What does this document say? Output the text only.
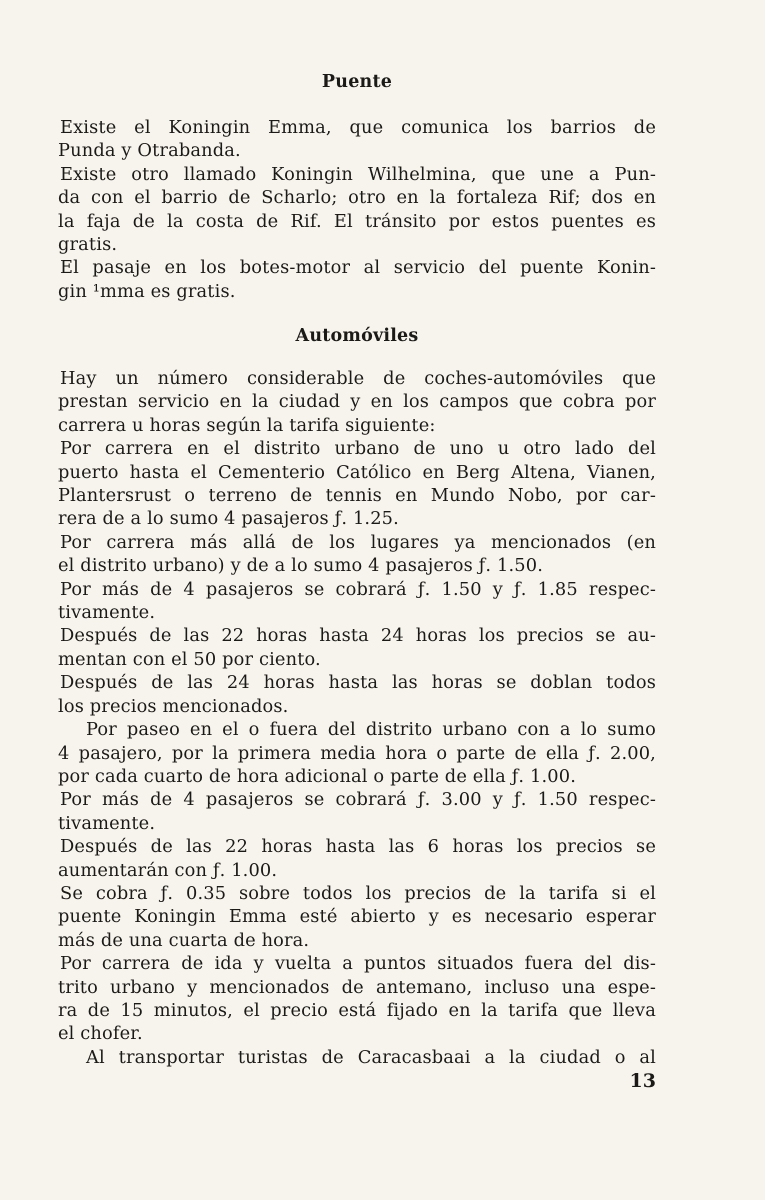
Puente
Existe el Koningin Emma, que comunica los barrios de
Punda y Otrabanda.
Existe otro llamado Koningin Wilhelmina, que une a Pun-
da con el barrio de Scharlo; otro en la fortaleza Rif; dos en
la faja de la costa de Rif. El tránsito por estos puentes es
gratis.
El pasaje en los botes-motor al servicio del puente Konin-
gin ¹mma es gratis.
Automóviles
Hay un número considerable de coches-automóviles que
prestan servicio en la ciudad y en los campos que cobra por
carrera u horas según la tarifa siguiente:
Por carrera en el distrito urbano de uno u otro lado del
puerto hasta el Cementerio Católico en Berg Altena, Vianen,
Plantersrust o terreno de tennis en Mundo Nobo, por car-
rera de a lo sumo 4 pasajeros ƒ. 1.25.
Por carrera más allá de los lugares ya mencionados (en
el distrito urbano) y de a lo sumo 4 pasajeros ƒ. 1.50.
Por más de 4 pasajeros se cobrará ƒ. 1.50 y ƒ. 1.85 respec-
tivamente.
Después de las 22 horas hasta 24 horas los precios se au-
mentan con el 50 por ciento.
Después de las 24 horas hasta las horas se doblan todos
los precios mencionados.
Por paseo en el o fuera del distrito urbano con a lo sumo
4 pasajero, por la primera media hora o parte de ella ƒ. 2.00,
por cada cuarto de hora adicional o parte de ella ƒ. 1.00.
Por más de 4 pasajeros se cobrará ƒ. 3.00 y ƒ. 1.50 respec-
tivamente.
Después de las 22 horas hasta las 6 horas los precios se
aumentarán con ƒ. 1.00.
Se cobra ƒ. 0.35 sobre todos los precios de la tarifa si el
puente Koningin Emma esté abierto y es necesario esperar
más de una cuarta de hora.
Por carrera de ida y vuelta a puntos situados fuera del dis-
trito urbano y mencionados de antemano, incluso una espe-
ra de 15 minutos, el precio está fijado en la tarifa que lleva
el chofer.
Al transportar turistas de Caracasbaai a la ciudad o al
13
